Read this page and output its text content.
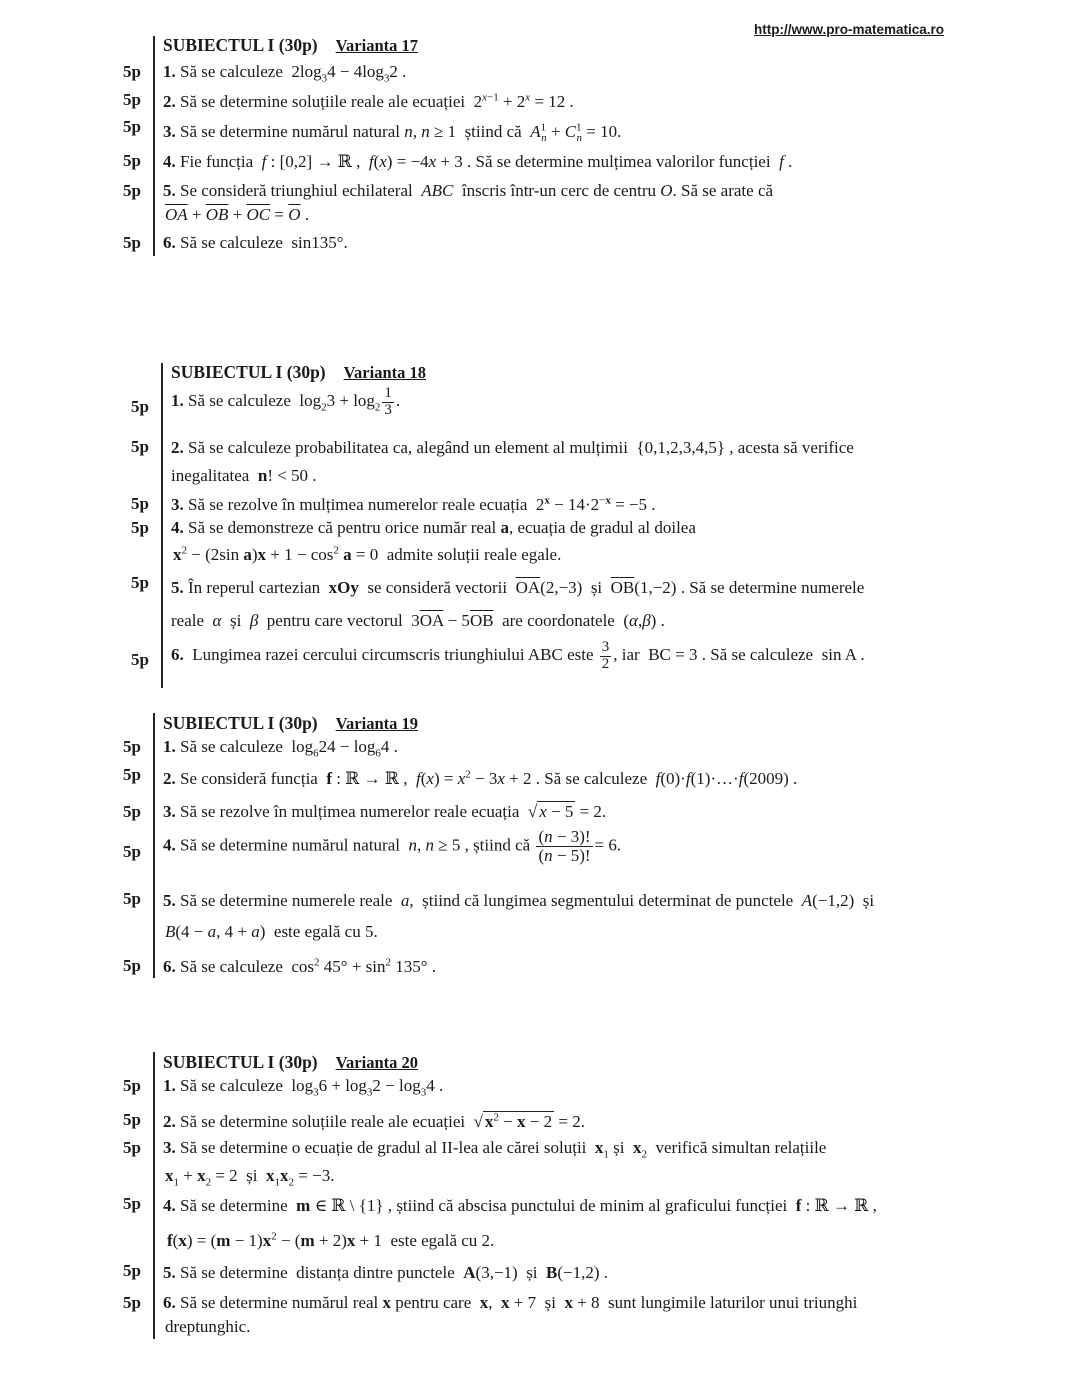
http://www.pro-matematica.ro
SUBIECTUL I (30p) Varianta 17
5p 1. Să se calculeze  $2\log_34 - 4\log_32$ .
5p 2. Să se determine soluțiile reale ale ecuației  $2^{x-1} + 2^x = 12$ .
5p 3. Să se determine numărul natural n, n ≥ 1  știind că  $A^1_n + C^1_n = 10$.
5p 4. Fie funcția  f : [0,2] → ℝ ,  f(x) = −4x + 3 . Să se determine mulțimea valorilor funcției  f .
5p 5. Se consideră triunghiul echilateral  ABC  înscris într-un cerc de centru O. Să se arate că
$\overline{OA} + \overline{OB} + \overline{OC} = \overline{O}$ .
5p 6. Să se calculeze  sin135°.
SUBIECTUL I (30p) Varianta 18
5p 1. Să se calculeze  $\log_23 + \log_2 \frac{1}{3}$ .
5p 2. Să se calculeze probabilitatea ca, alegând un element al mulțimii  {0,1,2,3,4,5} , acesta să verifice
inegalitatea  n! < 50 .
5p 3. Să se rezolve în mulțimea numerelor reale ecuația  $2^x - 14\cdot 2^{-x} = -5$ .
5p 4. Să se demonstreze că pentru orice număr real a, ecuația de gradul al doilea
$x^2 - (2\sin$ $a)x + 1 - \cos^2 a = 0$  admite soluții reale egale.
5p 5. În reperul cartezian  xOy  se consideră vectorii  $\overline{OA}(2,-3)$  și  $\overline{OB}(1,-2)$ . Să se determine numerele
reale  α  și  β  pentru care vectorul  $3\overline{OA} - 5\overline{OB}$  are coordonatele  (α,β) .
5p 6.  Lungimea razei cercului circumscris triunghiului ABC este $\frac{3}{2}$ , iar  BC = 3 . Să se calculeze  sin A .
SUBIECTUL I (30p) Varianta 19
5p 1. Să se calculeze  $\log_624 - \log_64$ .
5p 2. Se consideră funcția  f : ℝ → ℝ ,  $f(x) = x^2 - 3x + 2$ . Să se calculeze  f(0)·f(1)·…·f(2009) .
5p 3. Să se rezolve în mulțimea numerelor reale ecuația  √ x − 5 = 2.
5p 4. Să se determine numărul natural  n, n ≥ 5 , știind că $\frac{(n - 3)!}{(n - 5)!} = 6$.
5p 5. Să se determine numerele reale  a,  știind că lungimea segmentului determinat de punctele  A(−1,2)  și
B(4 − a, 4 + a)  este egală cu 5.
5p 6. Să se calculeze  $\cos^2 45^\circ + \sin^2 135^\circ$ .
SUBIECTUL I (30p) Varianta 20
5p 1. Să se calculeze  $\log_36 + \log_32 - \log_34$ .
5p 2. Să se determine soluțiile reale ale ecuației  √ $x^2 - x - 2 = 2$.
5p 3. Să se determine o ecuație de gradul al II-lea ale cărei soluții  $x_1$ și  $x_2$  verifică simultan relațiile
$x_1 + x_2 = 2$  și  $x_1x_2 = -3$.
5p 4. Să se determine  m ∈ ℝ \ {1} , știind că abscisa punctului de minim al graficului funcției  f : ℝ → ℝ ,
$f(x) = (m - 1)x^2 - (m + 2)x + 1$  este egală cu 2.
5p 5. Să se determine  distanța dintre punctele  A(3,−1)  și  B(−1,2) .
5p 6. Să se determine numărul real x pentru care  x,  x + 7  și  x + 8  sunt lungimile laturilor unui triunghi
dreptunghic.
